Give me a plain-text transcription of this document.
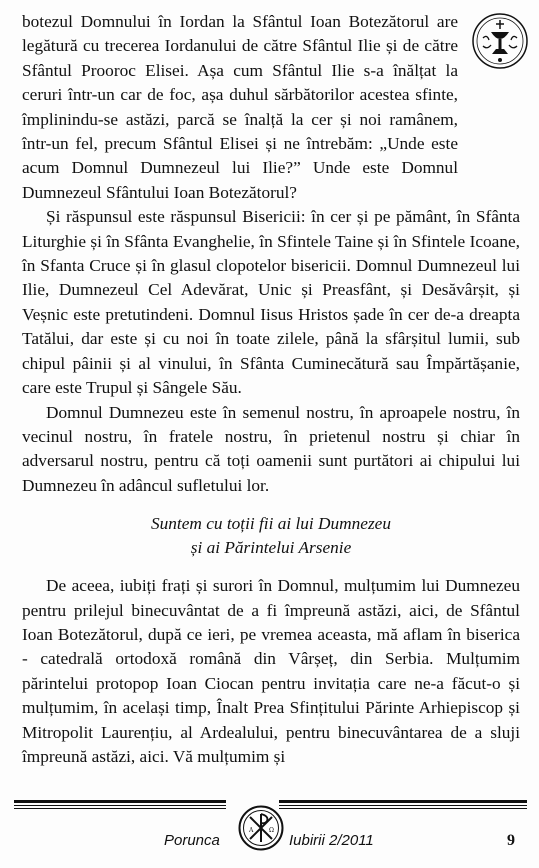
botezul Domnului în Iordan la Sfântul Ioan Botezătorul are legătură cu trecerea Iordanului de către Sfântul Ilie și de către Sfântul Prooroc Elisei. Așa cum Sfântul Ilie s-a înălțat la ceruri într-un car de foc, așa duhul sărbătorilor acestea sfinte, împlinindu-se astăzi, parcă se înalță la cer și noi ramânem, într-un fel, precum Sfântul Elisei și ne întrebăm: „Unde este acum Domnul Dumnezeul lui Ilie?” Unde este Domnul Dumnezeul Sfântului Ioan Botezătorul?

Și răspunsul este răspunsul Bisericii: în cer și pe pământ, în Sfânta Liturghie și în Sfânta Evanghelie, în Sfintele Taine și în Sfintele Icoane, în Sfanta Cruce și în glasul clopotelor bisericii. Domnul Dumnezeul lui Ilie, Dumnezeul Cel Adevărat, Unic și Preasfânt, și Desăvârșit, și Veșnic este pretutindeni. Domnul Iisus Hristos șade în cer de-a dreapta Tatălui, dar este și cu noi în toate zilele, până la sfârșitul lumii, sub chipul pâinii și al vinului, în Sfânta Cuminecătură sau Împărtășanie, care este Trupul și Sângele Său.

Domnul Dumnezeu este în semenul nostru, în aproapele nostru, în vecinul nostru, în fratele nostru, în prietenul nostru și chiar în adversarul nostru, pentru că toți oamenii sunt purtători ai chipului lui Dumnezeu în adâncul sufletului lor.

Suntem cu toții fii ai lui Dumnezeu
și ai Părintelui Arsenie

De aceea, iubiți frați și surori în Domnul, mulțumim lui Dumnezeu pentru prilejul binecuvântat de a fi împreună astăzi, aici, de Sfântul Ioan Botezătorul, după ce ieri, pe vremea aceasta, mă aflam în biserica - catedrală ortodoxă română din Vârșeț, din Serbia. Mulțumim părintelui protopop Ioan Ciocan pentru invitația care ne-a făcut-o și mulțumim, în același timp, Înalt Prea Sfințitului Părinte Arhiepiscop și Mitropolit Laurențiu, al Ardealului, pentru binecuvântarea de a sluji împreună astăzi, aici. Vă mulțumim și

Porunca
A	Ω
Iubirii 2/2011	9
